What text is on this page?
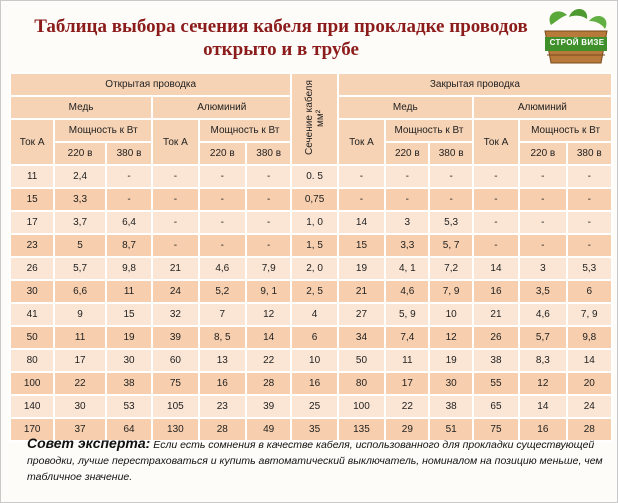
Таблица выбора сечения кабеля при прокладке проводов открыто и в трубе	СТРОЙ ВИЗЕ
Открытая проводка						Сечение кабеля мм²	Закрытая проводка					
Медь			Алюминий				Медь			Алюминий		
Ток А	Мощность к Вт		Ток А	Мощность к Вт			Ток А	Мощность к Вт		Ток А	Мощность к Вт	
	220 в	380 в		220 в	380 в			220 в	380 в		220 в	380 в
11	2,4	-	-	-	-	0. 5	-	-	-	-	-	-
15	3,3	-	-	-	-	0,75	-	-	-	-	-	-
17	3,7	6,4	-	-	-	1, 0	14	3	5,3	-	-	-
23	5	8,7	-	-	-	1, 5	15	3,3	5, 7	-	-	-
26	5,7	9,8	21	4,6	7,9	2, 0	19	4, 1	7,2	14	3	5,3
30	6,6	11	24	5,2	9, 1	2, 5	21	4,6	7, 9	16	3,5	6
41	9	15	32	7	12	4	27	5, 9	10	21	4,6	7, 9
50	11	19	39	8, 5	14	6	34	7,4	12	26	5,7	9,8
80	17	30	60	13	22	10	50	11	19	38	8,3	14
100	22	38	75	16	28	16	80	17	30	55	12	20
140	30	53	105	23	39	25	100	22	38	65	14	24
170	37	64	130	28	49	35	135	29	51	75	16	28
Совет эксперта: Если есть сомнения в качестве кабеля, использованного для прокладки существующей проводки, лучше перестраховаться и купить автоматический выключатель, номиналом на позицию меньше, чем табличное значение.
